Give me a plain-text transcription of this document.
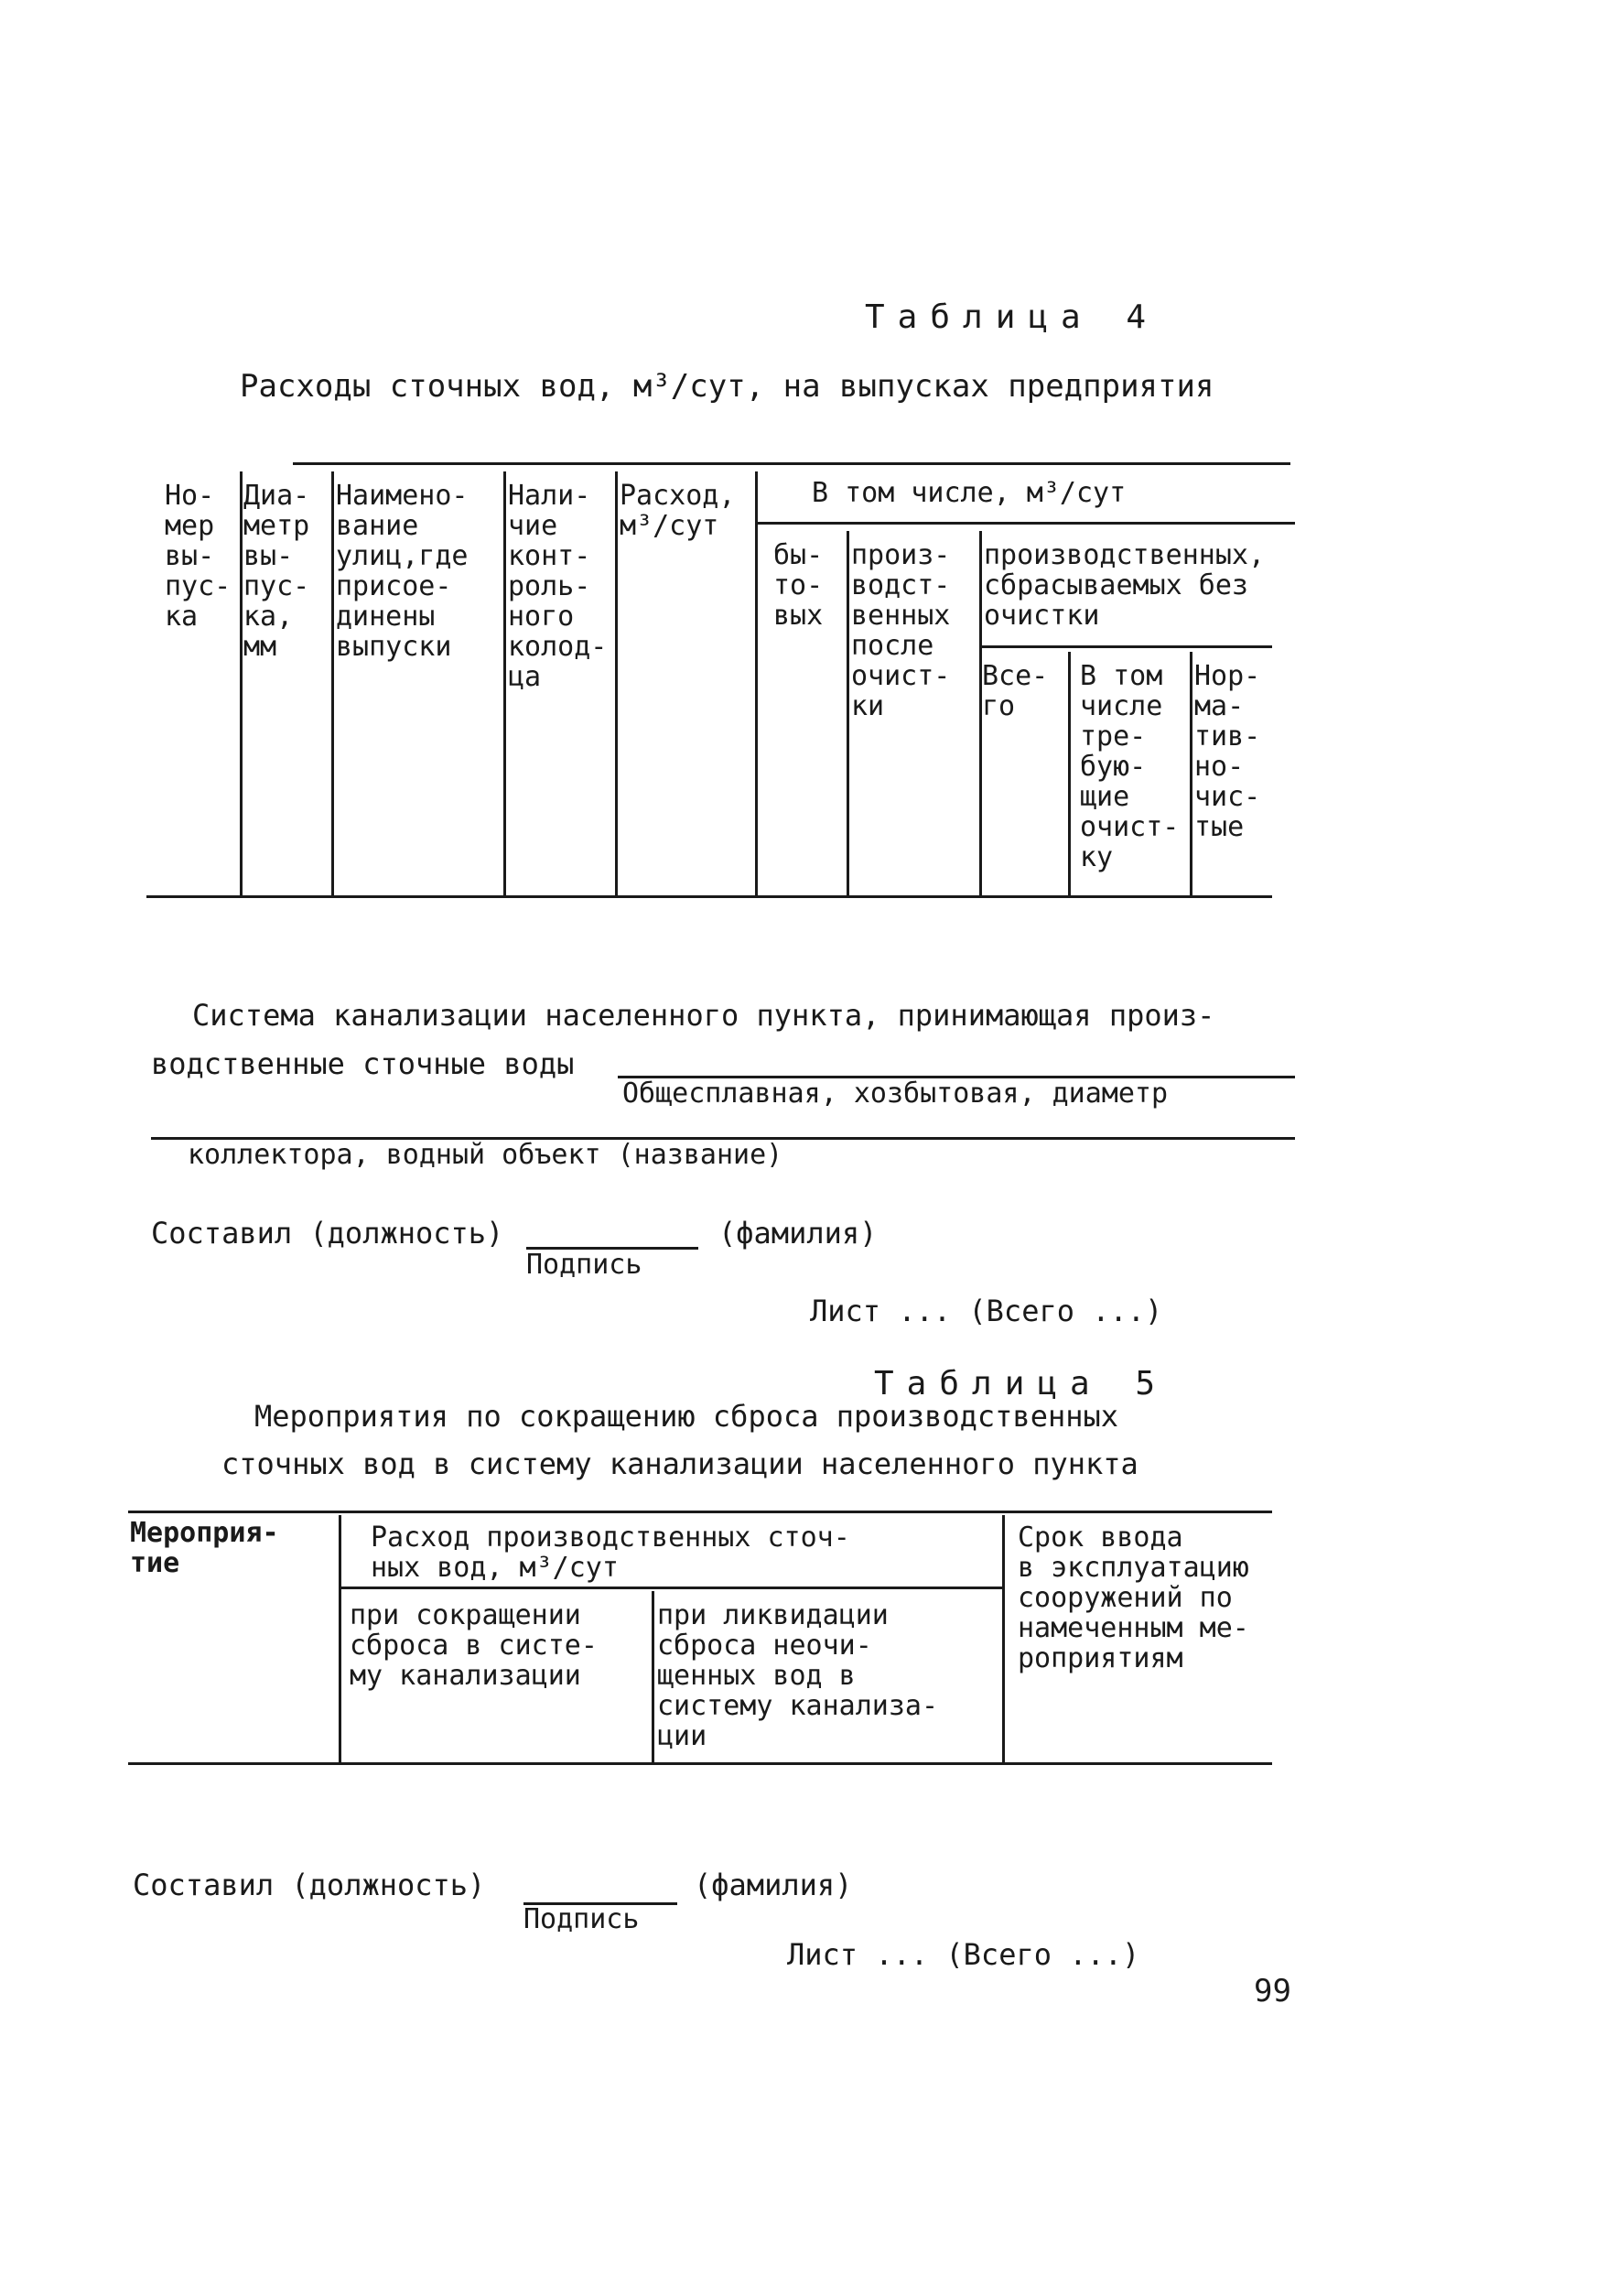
Таблица 4
Расходы сточных вод, м³/сут, на выпусках предприятия
Но-
мер
вы-
пус-
ка
Диа-
метр
вы-
пус-
ка,
мм
Наимено-
вание
улиц,где
присое-
динены
выпуски
Нали-
чие
конт-
роль-
ного
колод-
ца
Расход,
м³/сут
В том числе, м³/сут
бы-
то-
вых
произ-
водст-
венных
после
очист-
ки
производственных,
сбрасываемых без
очистки
Все-
го
В том
числе
тре-
бую-
щие
очист-
ку
Нор-
ма-
тив-
но-
чис-
тые
Система канализации населенного пункта, принимающая произ-
водственные сточные воды
Общесплавная, хозбытовая, диаметр
коллектора, водный объект (название)
Составил (должность)	(фамилия)
Подпись
Лист ... (Всего ...)
Таблица 5
Мероприятия по сокращению сброса производственных
сточных вод в систему канализации населенного пункта
Мероприя-
тие
Расход производственных сточ-
ных вод, м³/сут
при сокращении
сброса в систе-
му канализации
при ликвидации
сброса неочи-
щенных вод в
систему канализа-
ции
Срок ввода
в эксплуатацию
сооружений по
намеченным ме-
роприятиям
Составил (должность)	(фамилия)
Подпись
Лист ... (Всего ...)
99
